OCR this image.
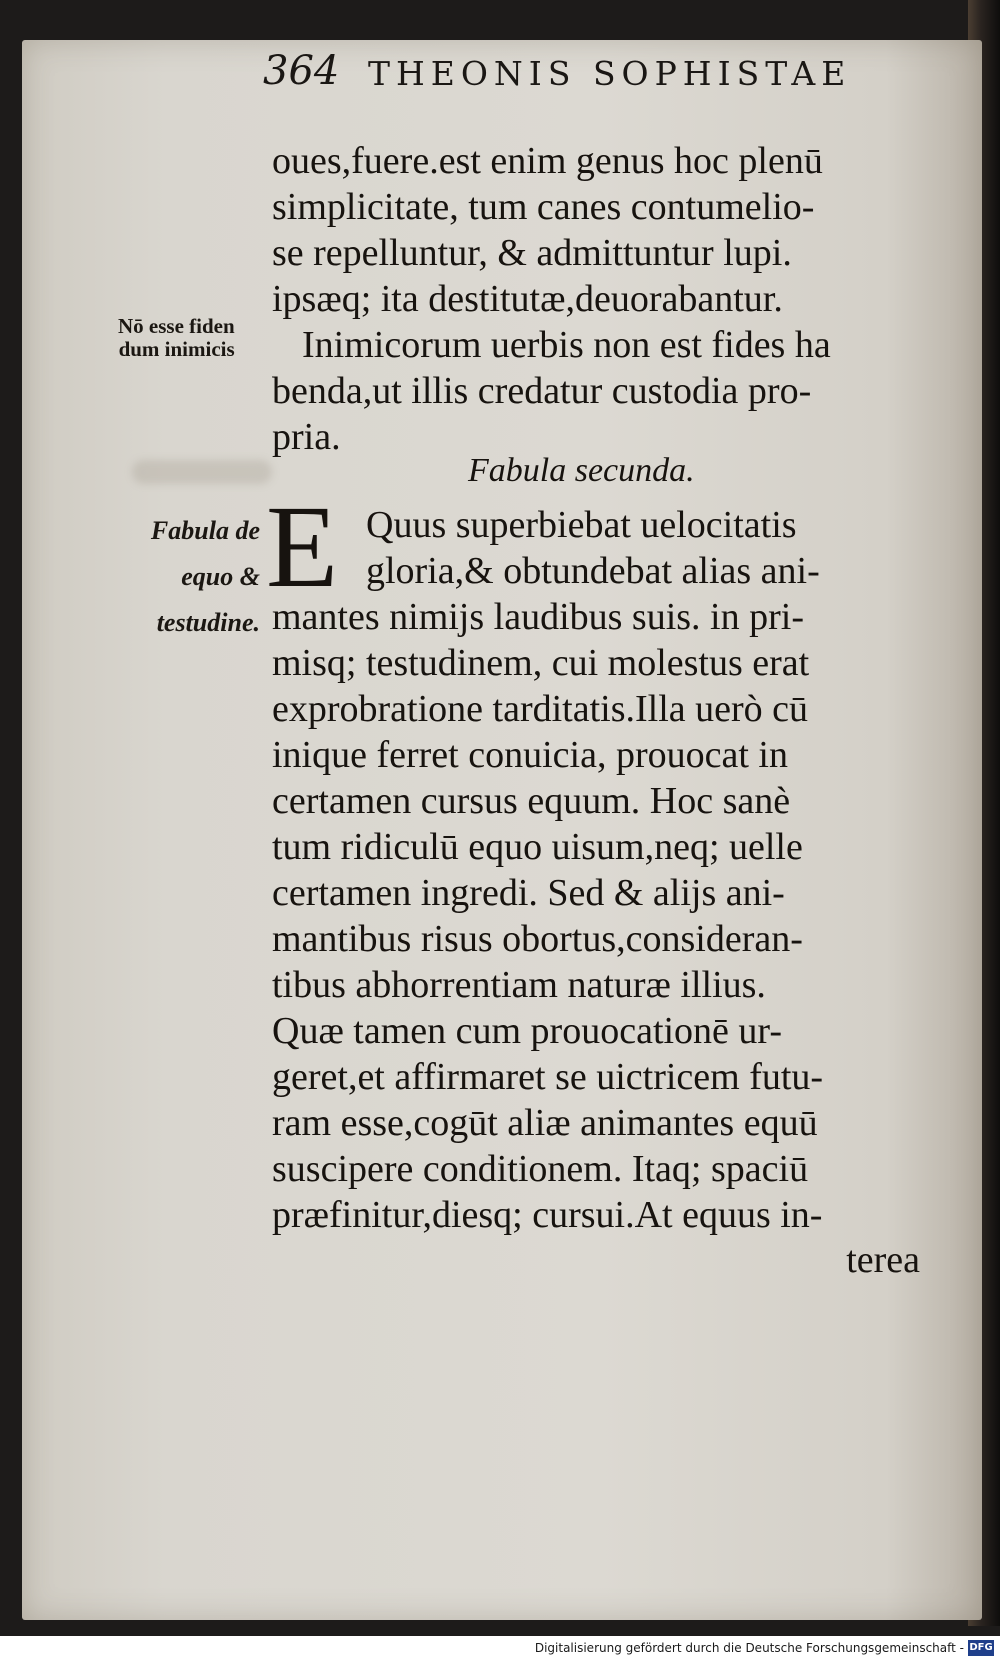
364 THEONIS SOPHISTAE
Nō esse fiden
dum inimicis
Fabula de
equo &
testudine.
oues,fuere.est enim genus hoc plenū
simplicitate, tum canes contumelio-
se repelluntur, & admittuntur lupi.
ipsæq; ita destitutæ,deuorabantur.
Inimicorum uerbis non est fides ha
benda,ut illis credatur custodia pro-
pria.
Fabula secunda.
E Quus superbiebat uelocitatis
gloria,& obtundebat alias ani-
mantes nimijs laudibus suis. in pri-
misq; testudinem, cui molestus erat
exprobratione tarditatis.Illa uerò cū
inique ferret conuicia, prouocat in
certamen cursus equum. Hoc sanè
tum ridiculū equo uisum,neq; uelle
certamen ingredi. Sed & alijs ani-
mantibus risus obortus,consideran-
tibus abhorrentiam naturæ illius.
Quæ tamen cum prouocationē ur-
geret,et affirmaret se uictricem futu-
ram esse,cogūt aliæ animantes equū
suscipere conditionem. Itaq; spaciū
præfinitur,diesq; cursui.At equus in-
terea
Digitalisierung gefördert durch die Deutsche Forschungsgemeinschaft - DFG
